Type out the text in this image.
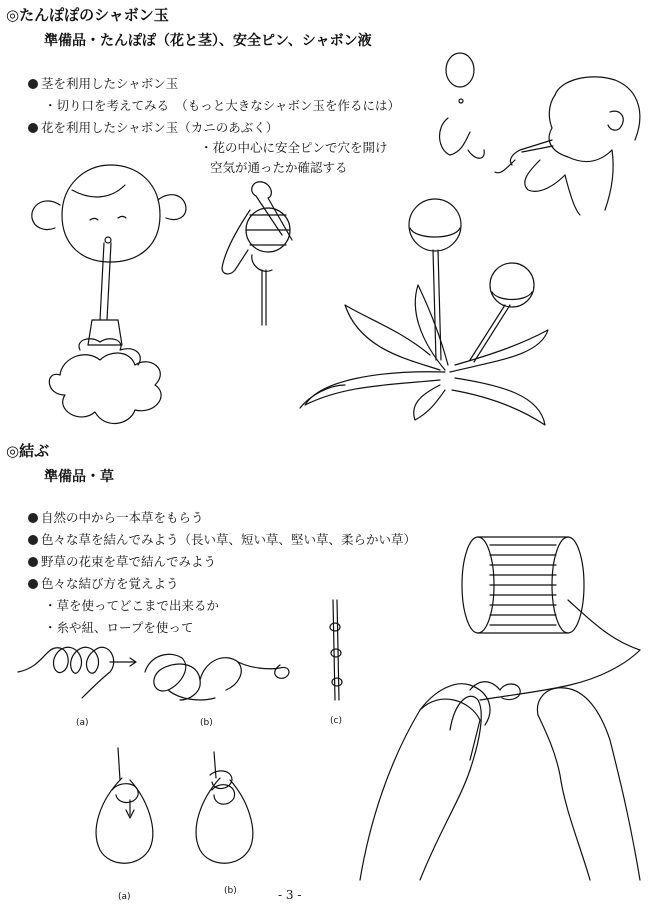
◎たんぽぽのシャボン玉
準備品・たんぽぽ（花と茎）、安全ピン、シャボン液
茎を利用したシャボン玉
・切り口を考えてみる　（もっと大きなシャボン玉を作るには）
花を利用したシャボン玉（カニのあぶく）
・花の中心に安全ピンで穴を開け
空気が通ったか確認する
◎結ぶ
準備品・草
自然の中から一本草をもらう
色々な草を結んでみよう（長い草、短い草、堅い草、柔らかい草）
野草の花束を草で結んでみよう
色々な結び方を覚えよう
・草を使ってどこまで出来るか
・糸や紐、ロープを使って
(a)	(b)	(c)
(a)
(b)	- 3 -
